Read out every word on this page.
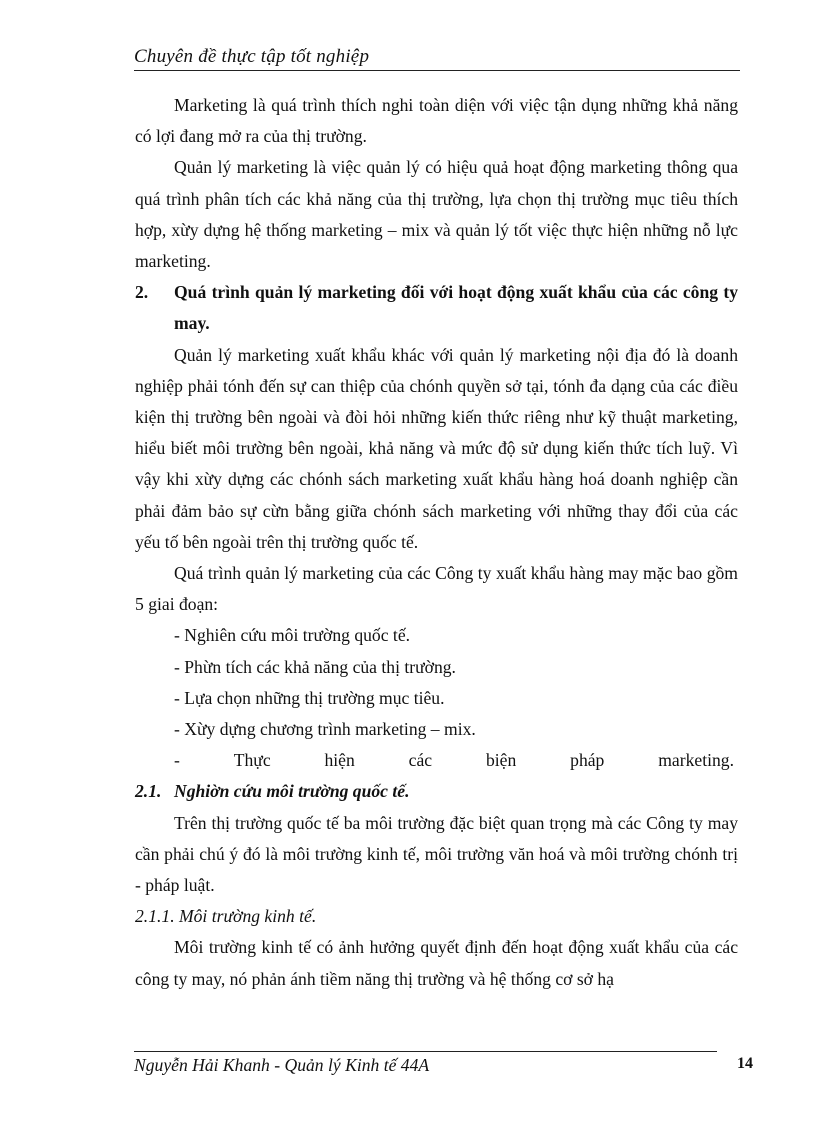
Chuyên đề thực tập tốt nghiệp

Marketing là quá trình thích nghi toàn diện với việc tận dụng những khả năng có lợi đang mở ra của thị trường.

Quản lý marketing là việc quản lý có hiệu quả hoạt động marketing thông qua quá trình phân tích các khả năng của thị trường, lựa chọn thị trường mục tiêu thích hợp, xừy dựng hệ thống marketing – mix và quản lý tốt việc thực hiện những nỗ lực marketing.

2.	Quá trình quản lý marketing đối với hoạt động xuất khẩu của các công ty may.

Quản lý marketing xuất khẩu khác với quản lý marketing nội địa đó là doanh nghiệp phải tónh đến sự can thiệp của chónh quyền sở tại, tónh đa dạng của các điều kiện thị trường bên ngoài và đòi hỏi những kiến thức riêng như kỹ thuật marketing, hiểu biết môi trường bên ngoài, khả năng và mức độ sử dụng kiến thức tích luỹ. Vì vậy khi xừy dựng các chónh sách marketing xuất khẩu hàng hoá doanh nghiệp cần phải đảm bảo sự cừn bằng giữa chónh sách marketing với những thay đổi của các yếu tố bên ngoài trên thị trường quốc tế.

Quá trình quản lý marketing của các Công ty xuất khẩu hàng may mặc bao gồm 5 giai đoạn:

- Nghiên cứu môi trường quốc tế.

- Phừn tích các khả năng của thị trường.

- Lựa chọn những thị trường mục tiêu.

- Xừy dựng chương trình marketing – mix.

-	Thực	hiện	các	biện	pháp	marketing.

2.1. Nghiờn cứu môi trường quốc tế.

Trên thị trường quốc tế ba môi trường đặc biệt quan trọng mà các Công ty may cần phải chú ý đó là môi trường kinh tế, môi trường văn hoá và môi trường chónh trị - pháp luật.

2.1.1. Môi trường kinh tế.

Môi trường kinh tế có ảnh hưởng quyết định đến hoạt động xuất khẩu của các công ty may, nó phản ánh tiềm năng thị trường và hệ thống cơ sở hạ

Nguyễn Hải Khanh - Quản lý Kinh tế 44A	14
